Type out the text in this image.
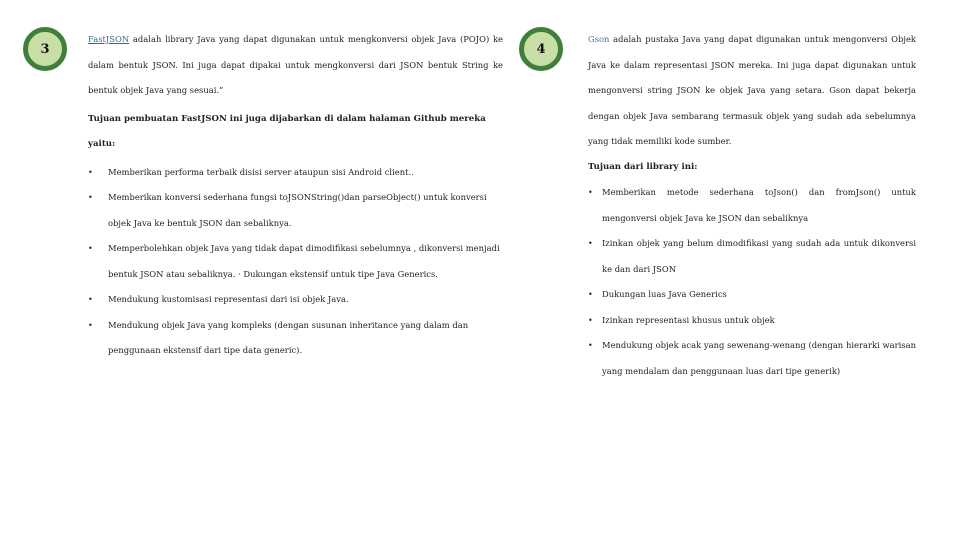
3

FastJSON adalah library Java yang dapat digunakan untuk mengkonversi objek Java (POJO) ke dalam bentuk JSON. Ini juga dapat dipakai untuk mengkonversi dari JSON bentuk String ke bentuk objek Java yang sesuai.”

Tujuan pembuatan FastJSON ini juga dijabarkan di dalam halaman Github mereka yaitu:

• Memberikan performa terbaik disisi server ataupun sisi Android client..
• Memberikan konversi sederhana fungsi toJSONString()dan parseObject() untuk konversi objek Java ke bentuk JSON dan sebaliknya.
• Memperbolehkan objek Java yang tidak dapat dimodifikasi sebelumnya , dikonversi menjadi bentuk JSON atau sebaliknya. · Dukungan ekstensif untuk tipe Java Generics.
• Mendukung kustomisasi representasi dari isi objek Java.
• Mendukung objek Java yang kompleks (dengan susunan inheritance yang dalam dan penggunaan ekstensif dari tipe data generic).
4

Gson adalah pustaka Java yang dapat digunakan untuk mengonversi Objek Java ke dalam representasi JSON mereka. Ini juga dapat digunakan untuk mengonversi string JSON ke objek Java yang setara. Gson dapat bekerja dengan objek Java sembarang termasuk objek yang sudah ada sebelumnya yang tidak memiliki kode sumber.

Tujuan dari library ini:

• Memberikan metode sederhana toJson() dan fromJson() untuk mengonversi objek Java ke JSON dan sebaliknya
• Izinkan objek yang belum dimodifikasi yang sudah ada untuk dikonversi ke dan dari JSON
• Dukungan luas Java Generics
• Izinkan representasi khusus untuk objek
• Mendukung objek acak yang sewenang-wenang (dengan hierarki warisan yang mendalam dan penggunaan luas dari tipe generik)
